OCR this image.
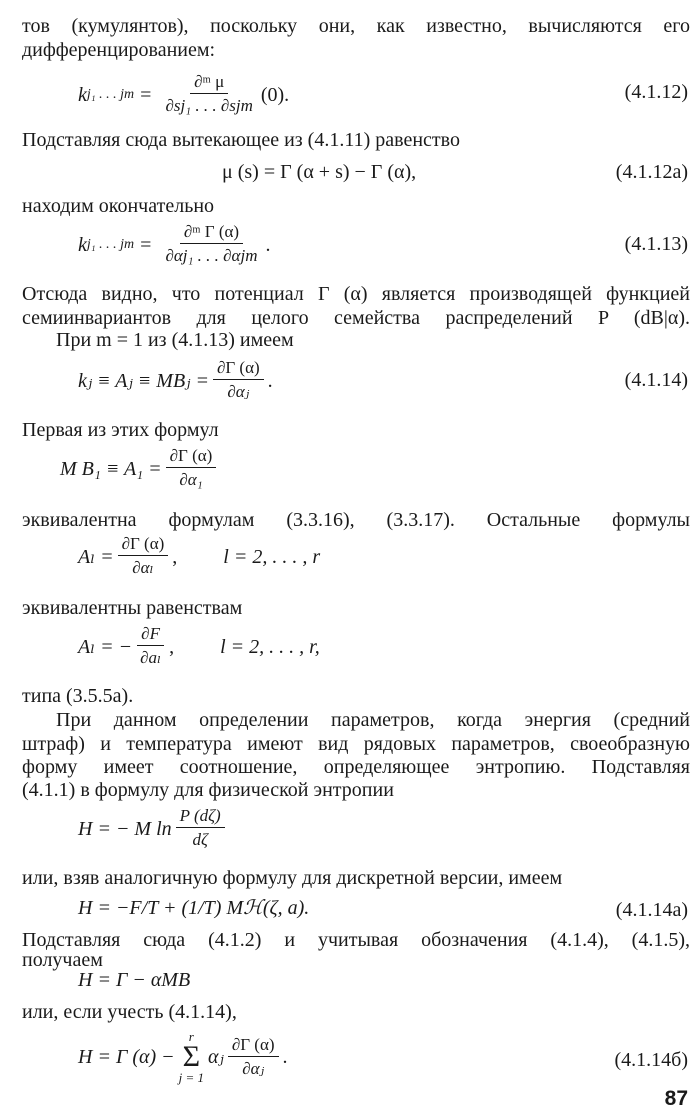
тов (кумулянтов), поскольку они, как известно, вычисляются его
дифференцированием:
k j₁ . . . jm = $\frac{\text{∂ᵐ μ}}{\text{∂sj₁ . . . ∂sjm}} (0)$.	(4.1.12)
Подставляя сюда вытекающее из (4.1.11) равенство
μ (s) = Γ (α + s) − Γ (α),	(4.1.12а)
находим окончательно
k j₁ . . . jm = $\frac{\text{∂ᵐ Γ (α)}}{\text{∂αj₁ . . . ∂αjm}}$ .	(4.1.13)
Отсюда видно, что потенциал Γ (α) является производящей функцией
семиинвариантов для целого семейства распределений P (dB|α).
При m = 1 из (4.1.13) имеем
kⱼ ≡ Aⱼ ≡ MBⱼ = $\frac{\partial\Gamma (\alpha)}{\text{∂αⱼ}}$ .	(4.1.14)
Первая из этих формул
M $B_1 \equiv A_1 = \frac{\partial\Gamma (\alpha)}{\text{∂α₁}}$
эквивалентна формулам (3.3.16), (3.3.17). Остальные формулы
$A_l = \frac{\partial\Gamma (\alpha)}{\text{∂αₗ}}$ , l = 2, . . . , r
эквивалентны равенствам
Aₗ = − $\frac{\partial F}{\text{∂aₗ}}$ , l = 2, . . . , r,
типа (3.5.5а).
При данном определении параметров, когда энергия (средний
штраф) и температура имеют вид рядовых параметров, своеобразную
форму имеет соотношение, определяющее энтропию. Подставляя
(4.1.1) в формулу для физической энтропии
H = − M $\ln \frac{P (d\zeta)}{d\zeta}$
или, взяв аналогичную формулу для дискретной версии, имеем
H = −F/T + (1/T) Mℋ(ζ, a).	(4.1.14а)
Подставляя сюда (4.1.2) и учитывая обозначения (4.1.4), (4.1.5),
получаем
H = Γ − αMB
или, если учесть (4.1.14),
H = Γ (α) −
r
Σ
j = 1
αⱼ $\frac{\partial\Gamma (\alpha)}{\text{∂αⱼ}}$ .	(4.1.14б)
87
